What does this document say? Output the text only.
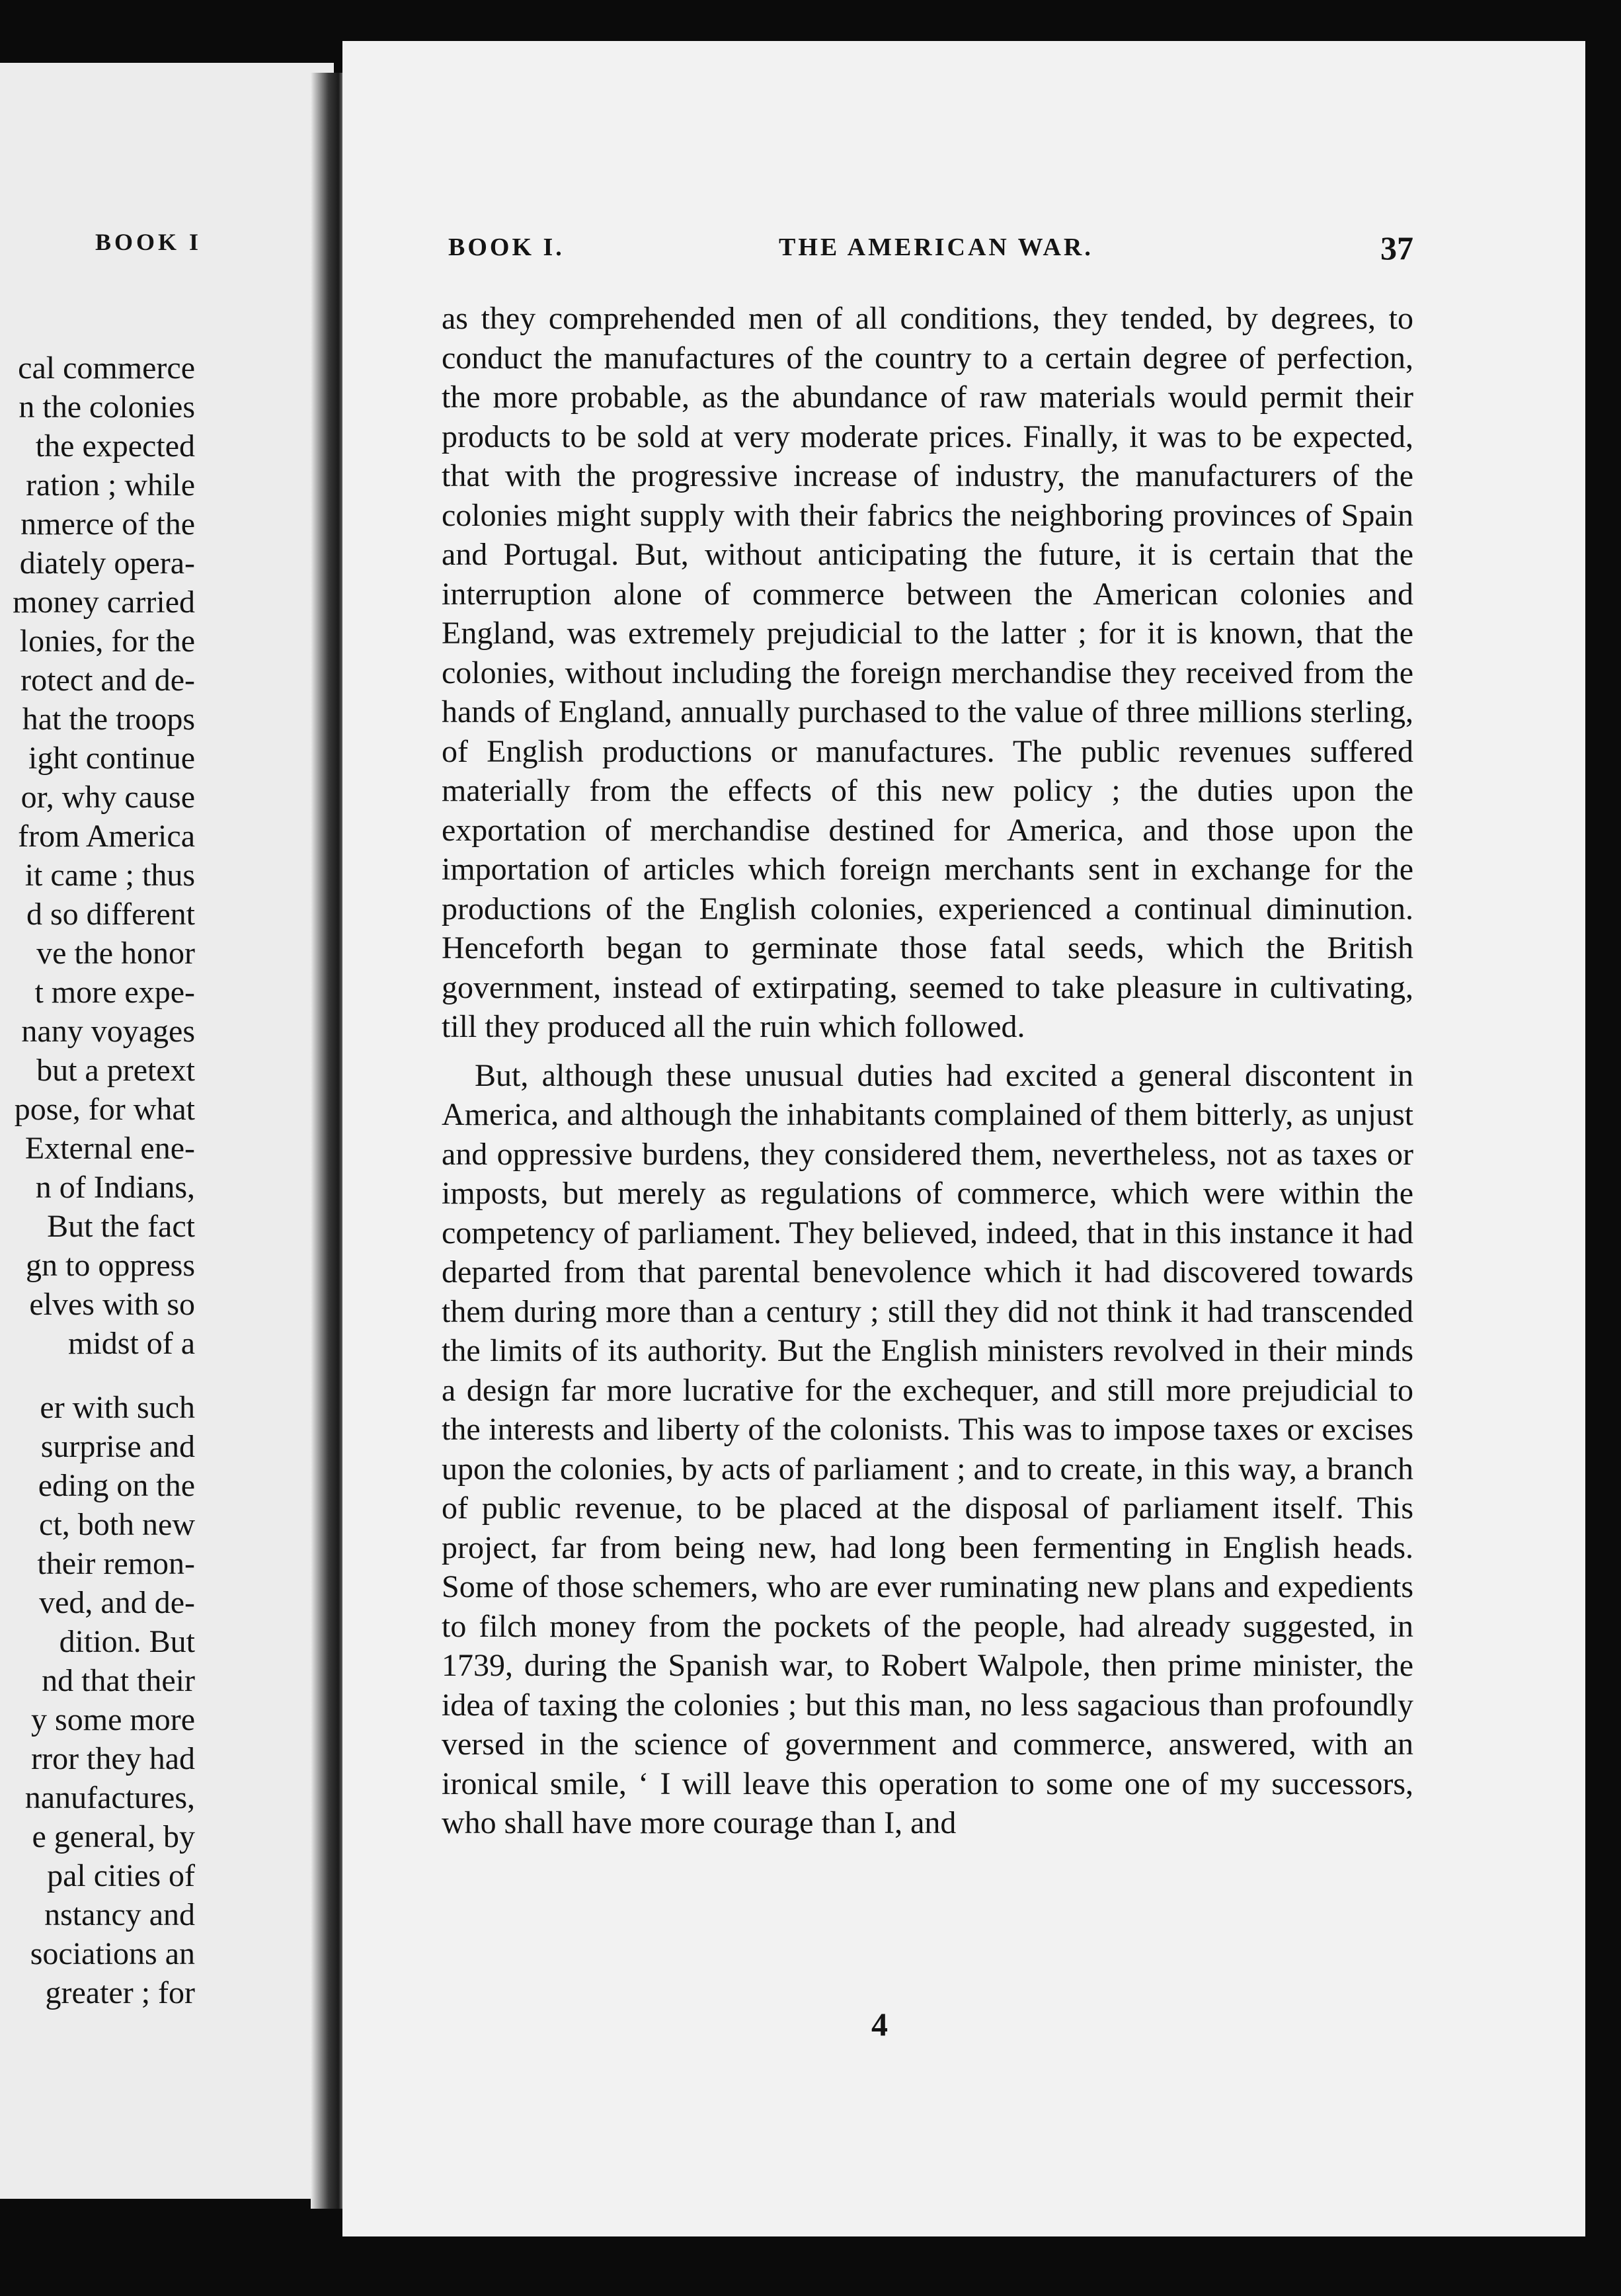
BOOK I
cal commerce
n the colonies
the expected
ration ; while
nmerce of the
diately opera-
money carried
lonies, for the
rotect and de-
hat the troops
ight continue
or, why cause
from America
it came ; thus
d so different
ve the honor
t more expe-
nany voyages
but a pretext
pose, for what
External ene-
n of Indians,
But the fact
gn to oppress
elves with so
midst of a
er with such
surprise and
eding on the
ct, both new
their remon-
ved, and de-
dition. But
nd that their
y some more
rror they had
nanufactures,
e general, by
pal cities of
nstancy and
sociations an
greater ; for
BOOK I.	THE AMERICAN WAR.	37

as they comprehended men of all conditions, they tended, by degrees, to conduct the manufactures of the country to a certain degree of perfection, the more probable, as the abundance of raw materials would permit their products to be sold at very moderate prices. Finally, it was to be expected, that with the progressive increase of industry, the manufacturers of the colonies might supply with their fabrics the neighboring provinces of Spain and Portugal. But, without anticipating the future, it is certain that the interruption alone of commerce between the American colonies and England, was extremely prejudicial to the latter ; for it is known, that the colonies, without including the foreign merchandise they received from the hands of England, annually purchased to the value of three millions sterling, of English productions or manufactures. The public revenues suffered materially from the effects of this new policy ; the duties upon the exportation of merchandise destined for America, and those upon the importation of articles which foreign merchants sent in exchange for the productions of the English colonies, experienced a continual diminution. Henceforth began to germinate those fatal seeds, which the British government, instead of extirpating, seemed to take pleasure in cultivating, till they produced all the ruin which followed.

But, although these unusual duties had excited a general discontent in America, and although the inhabitants complained of them bitterly, as unjust and oppressive burdens, they considered them, nevertheless, not as taxes or imposts, but merely as regulations of commerce, which were within the competency of parliament. They believed, indeed, that in this instance it had departed from that parental benevolence which it had discovered towards them during more than a century ; still they did not think it had transcended the limits of its authority. But the English ministers revolved in their minds a design far more lucrative for the exchequer, and still more prejudicial to the interests and liberty of the colonists. This was to impose taxes or excises upon the colonies, by acts of parliament ; and to create, in this way, a branch of public revenue, to be placed at the disposal of parliament itself. This project, far from being new, had long been fermenting in English heads. Some of those schemers, who are ever ruminating new plans and expedients to filch money from the pockets of the people, had already suggested, in 1739, during the Spanish war, to Robert Walpole, then prime minister, the idea of taxing the colonies ; but this man, no less sagacious than profoundly versed in the science of government and commerce, answered, with an ironical smile, ‘ I will leave this operation to some one of my successors, who shall have more courage than I, and

4
